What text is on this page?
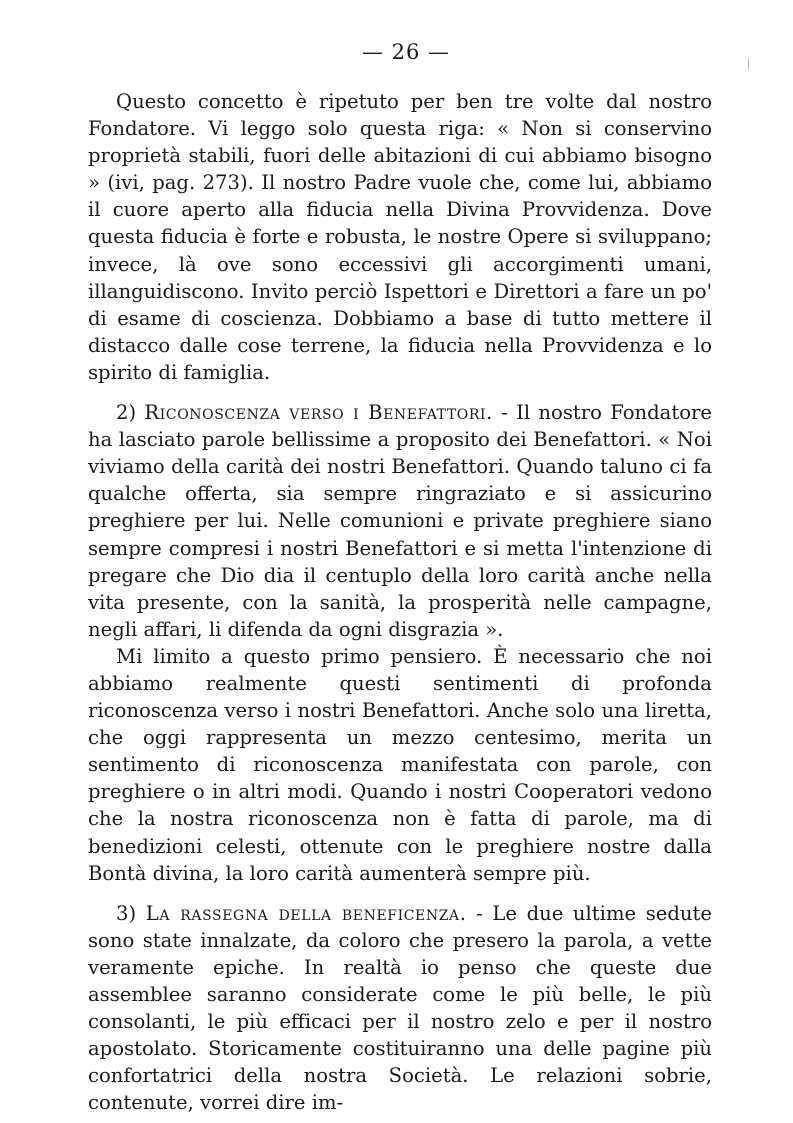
— 26 —

Questo concetto è ripetuto per ben tre volte dal nostro Fondatore. Vi leggo solo questa riga: « Non si conservino proprietà stabili, fuori delle abitazioni di cui abbiamo bisogno » (ivi, pag. 273). Il nostro Padre vuole che, come lui, abbiamo il cuore aperto alla fiducia nella Divina Provvidenza. Dove questa fiducia è forte e robusta, le nostre Opere si sviluppano; invece, là ove sono eccessivi gli accorgimenti umani, illanguidiscono. Invito perciò Ispettori e Direttori a fare un po' di esame di coscienza. Dobbiamo a base di tutto mettere il distacco dalle cose terrene, la fiducia nella Provvidenza e lo spirito di famiglia.

2) Riconoscenza verso i Benefattori. - Il nostro Fondatore ha lasciato parole bellissime a proposito dei Benefattori. « Noi viviamo della carità dei nostri Benefattori. Quando taluno ci fa qualche offerta, sia sempre ringraziato e si assicurino preghiere per lui. Nelle comunioni e private preghiere siano sempre compresi i nostri Benefattori e si metta l'intenzione di pregare che Dio dia il centuplo della loro carità anche nella vita presente, con la sanità, la prosperità nelle campagne, negli affari, li difenda da ogni disgrazia ».

Mi limito a questo primo pensiero. È necessario che noi abbiamo realmente questi sentimenti di profonda riconoscenza verso i nostri Benefattori. Anche solo una liretta, che oggi rappresenta un mezzo centesimo, merita un sentimento di riconoscenza manifestata con parole, con preghiere o in altri modi. Quando i nostri Cooperatori vedono che la nostra riconoscenza non è fatta di parole, ma di benedizioni celesti, ottenute con le preghiere nostre dalla Bontà divina, la loro carità aumenterà sempre più.

3) La rassegna della beneficenza. - Le due ultime sedute sono state innalzate, da coloro che presero la parola, a vette veramente epiche. In realtà io penso che queste due assemblee saranno considerate come le più belle, le più consolanti, le più efficaci per il nostro zelo e per il nostro apostolato. Storicamente costituiranno una delle pagine più confortatrici della nostra Società. Le relazioni sobrie, contenute, vorrei dire im-
